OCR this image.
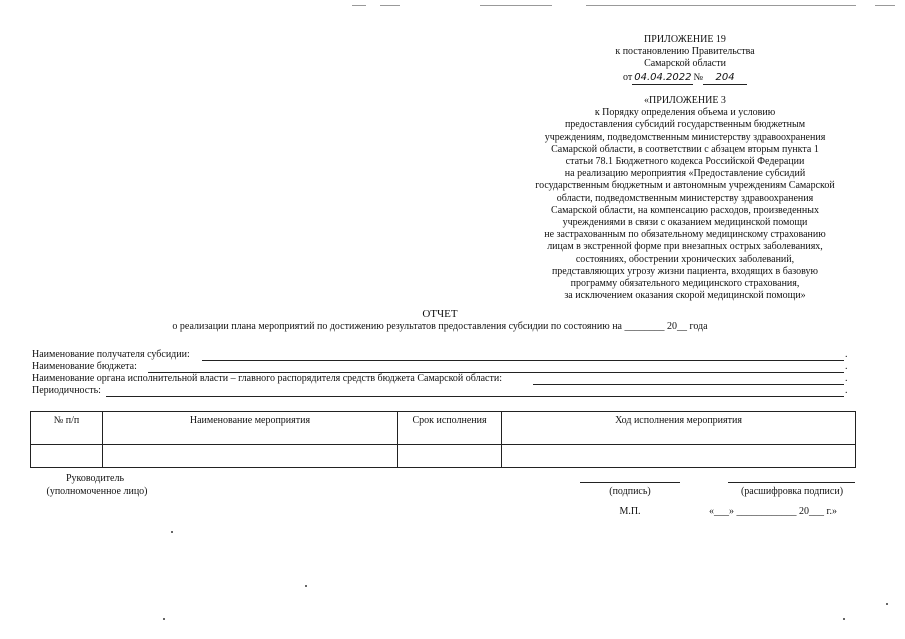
ПРИЛОЖЕНИЕ 19
к постановлению Правительства
Самарской области
от 04.04.2022 № 204
«ПРИЛОЖЕНИЕ 3
к Порядку определения объема и условию
предоставления субсидий государственным бюджетным
учреждениям, подведомственным министерству здравоохранения
Самарской области, в соответствии с абзацем вторым пункта 1
статьи 78.1 Бюджетного кодекса Российской Федерации
на реализацию мероприятия «Предоставление субсидий
государственным бюджетным и автономным учреждениям Самарской
области, подведомственным министерству здравоохранения
Самарской области, на компенсацию расходов, произведенных
учреждениями в связи с оказанием медицинской помощи
не застрахованным по обязательному медицинскому страхованию
лицам в экстренной форме при внезапных острых заболеваниях,
состояниях, обострении хронических заболеваний,
представляющих угрозу жизни пациента, входящих в базовую
программу обязательного медицинского страхования,
за исключением оказания скорой медицинской помощи»
ОТЧЕТ
о реализации плана мероприятий по достижению результатов предоставления субсидии по состоянию на ________ 20__ года
Наименование получателя субсидии:	.
Наименование бюджета:	.
Наименование органа исполнительной власти – главного распорядителя средств бюджета Самарской области:	.
Периодичность:	.
№ п/п	Наименование мероприятия	Срок исполнения	Ход исполнения мероприятия

Руководитель
(уполномоченное лицо)	(подпись)	(расшифровка подписи)
М.П.	«___» ____________ 20___ г.»
